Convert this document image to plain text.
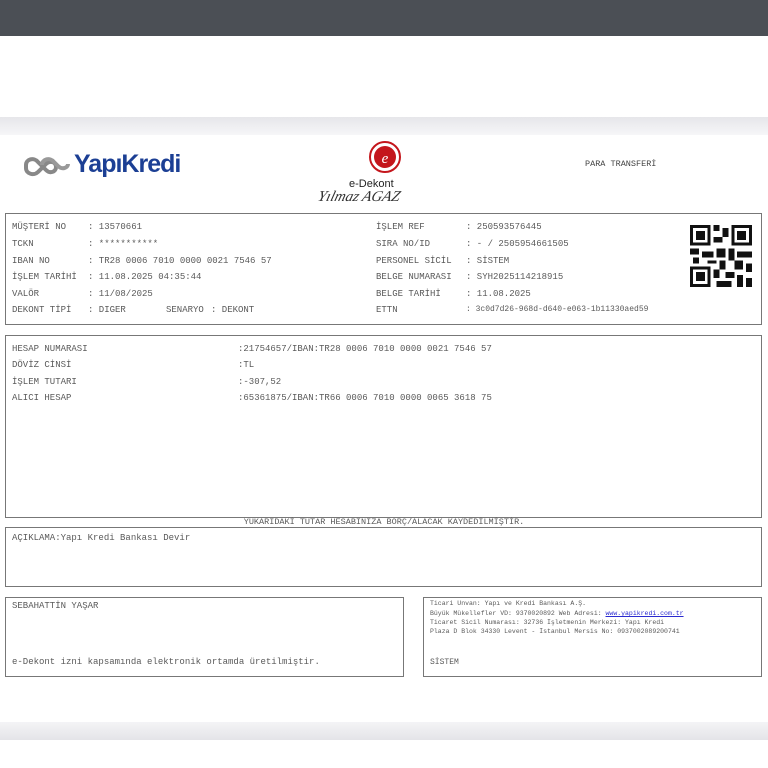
YapıKredi	e
e-Dekont
Yılmaz AGAZ
PARA TRANSFERİ
MÜŞTERİ NO : 13570661
TCKN	: ***********
IBAN NO	: TR28 0006 7010 0000 0021 7546 57
İŞLEM TARİHİ : 11.08.2025 04:35:44
VALÖR	: 11/08/2025
DEKONT TİPİ : DIGER	SENARYO : DEKONT
İŞLEM REF	: 250593576445
SIRA NO/ID	: - / 2505954661505
PERSONEL SİCİL : SİSTEM
BELGE NUMARASI : SYH2025114218915
BELGE TARİHİ	: 11.08.2025
ETTN	: 3c0d7d26-968d-d640-e063-1b11330aed59
HESAP NUMARASI	:21754657/IBAN:TR28 0006 7010 0000 0021 7546 57
DÖVİZ CİNSİ	:TL
İŞLEM TUTARI	:-307,52
ALICI HESAP	:65361875/IBAN:TR66 0006 7010 0000 0065 3618 75
YUKARIDAKİ TUTAR HESABINIZA BORÇ/ALACAK KAYDEDİLMİŞTİR.
AÇIKLAMA:Yapı Kredi Bankası Devir
SEBAHATTİN YAŞAR
e-Dekont izni kapsamında elektronik ortamda üretilmiştir.
Ticari Unvan: Yapı ve Kredi Bankası A.Ş.
Büyük Mükellefler VD: 9370020892 Web Adresi: www.yapikredi.com.tr
Ticaret Sicil Numarası: 32736 İşletmenin Merkezi: Yapı Kredi
Plaza D Blok 34330 Levent - İstanbul Mersis No: 0937002089200741
SİSTEM
